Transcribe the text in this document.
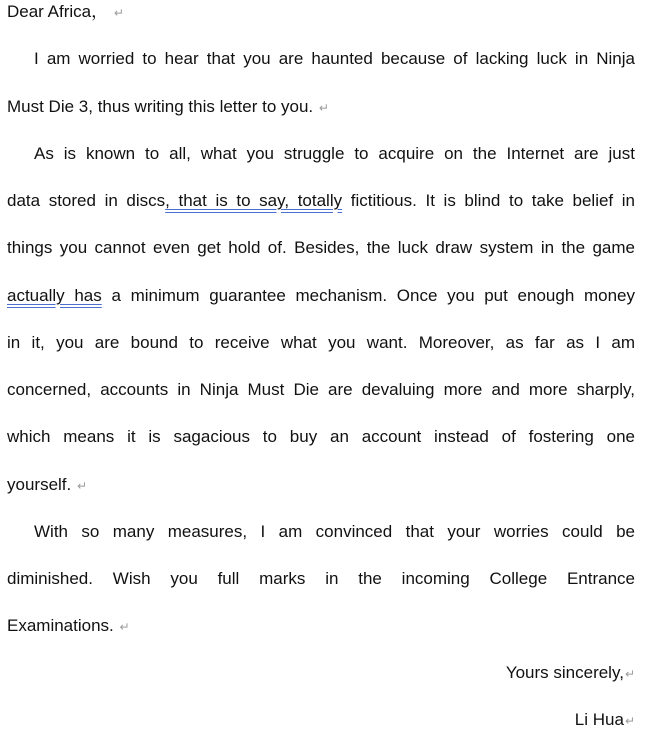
Dear Africa， ↵
I am worried to hear that you are haunted because of lacking luck in Ninja
Must Die 3, thus writing this letter to you. ↵
As is known to all, what you struggle to acquire on the Internet are just
data stored in discs, that is to say, totally fictitious. It is blind to take belief in
things you cannot even get hold of. Besides, the luck draw system in the game
actually has a minimum guarantee mechanism. Once you put enough money
in it, you are bound to receive what you want. Moreover, as far as I am
concerned, accounts in Ninja Must Die are devaluing more and more sharply,
which means it is sagacious to buy an account instead of fostering one
yourself. ↵
With so many measures, I am convinced that your worries could be
diminished. Wish you full marks in the incoming College Entrance
Examinations. ↵
Yours sincerely,↵
Li Hua↵
